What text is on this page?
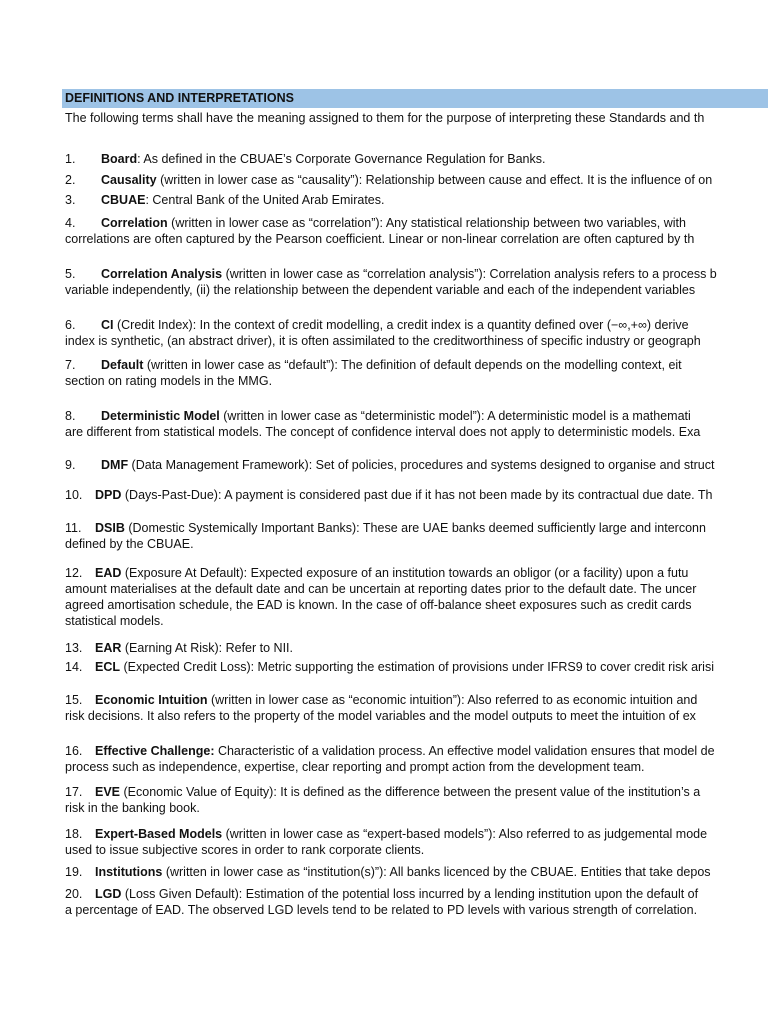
DEFINITIONS AND INTERPRETATIONS
The following terms shall have the meaning assigned to them for the purpose of interpreting these Standards and th
1. Board: As defined in the CBUAE’s Corporate Governance Regulation for Banks.
2. Causality (written in lower case as “causality”): Relationship between cause and effect. It is the influence of on
3. CBUAE: Central Bank of the United Arab Emirates.
4. Correlation (written in lower case as “correlation”): Any statistical relationship between two variables, with
correlations are often captured by the Pearson coefficient. Linear or non-linear correlation are often captured by th
5. Correlation Analysis (written in lower case as “correlation analysis”): Correlation analysis refers to a process b
variable independently, (ii) the relationship between the dependent variable and each of the independent variables
6. CI (Credit Index): In the context of credit modelling, a credit index is a quantity defined over (−∞,+∞) derive
index is synthetic, (an abstract driver), it is often assimilated to the creditworthiness of specific industry or geograph
7. Default (written in lower case as “default”): The definition of default depends on the modelling context, eit
section on rating models in the MMG.
8. Deterministic Model (written in lower case as “deterministic model”): A deterministic model is a mathemati
are different from statistical models. The concept of confidence interval does not apply to deterministic models. Exa
9. DMF (Data Management Framework): Set of policies, procedures and systems designed to organise and struct
10. DPD (Days-Past-Due): A payment is considered past due if it has not been made by its contractual due date. Th
11. DSIB (Domestic Systemically Important Banks): These are UAE banks deemed sufficiently large and interconn
defined by the CBUAE.
12. EAD (Exposure At Default): Expected exposure of an institution towards an obligor (or a facility) upon a futu
amount materialises at the default date and can be uncertain at reporting dates prior to the default date. The uncer
agreed amortisation schedule, the EAD is known. In the case of off-balance sheet exposures such as credit cards
statistical models.
13. EAR (Earning At Risk): Refer to NII.
14. ECL (Expected Credit Loss): Metric supporting the estimation of provisions under IFRS9 to cover credit risk arisi
15. Economic Intuition (written in lower case as “economic intuition”): Also referred to as economic intuition and
risk decisions. It also refers to the property of the model variables and the model outputs to meet the intuition of ex
16. Effective Challenge: Characteristic of a validation process. An effective model validation ensures that model de
process such as independence, expertise, clear reporting and prompt action from the development team.
17. EVE (Economic Value of Equity): It is defined as the difference between the present value of the institution’s a
risk in the banking book.
18. Expert-Based Models (written in lower case as “expert-based models”): Also referred to as judgemental mode
used to issue subjective scores in order to rank corporate clients.
19. Institutions (written in lower case as “institution(s)”): All banks licenced by the CBUAE. Entities that take depos
20. LGD (Loss Given Default): Estimation of the potential loss incurred by a lending institution upon the default of
a percentage of EAD. The observed LGD levels tend to be related to PD levels with various strength of correlation.
